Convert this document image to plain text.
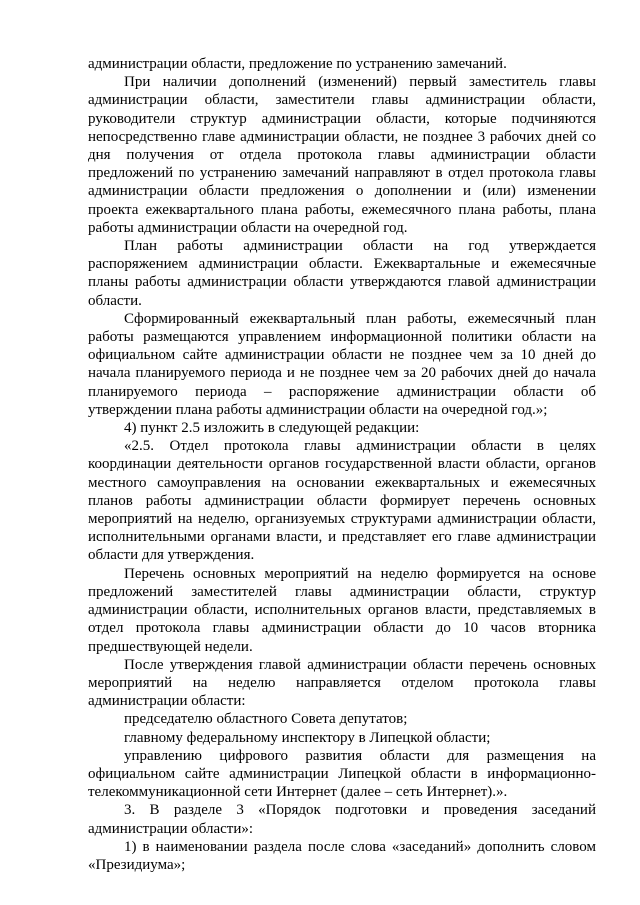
администрации области, предложение по устранению замечаний.

При наличии дополнений (изменений) первый заместитель главы администрации области, заместители главы администрации области, руководители структур администрации области, которые подчиняются непосредственно главе администрации области, не позднее 3 рабочих дней со дня получения от отдела протокола главы администрации области предложений по устранению замечаний направляют в отдел протокола главы администрации области предложения о дополнении и (или) изменении проекта ежеквартального плана работы, ежемесячного плана работы, плана работы администрации области на очередной год.

План работы администрации области на год утверждается распоряжением администрации области. Ежеквартальные и ежемесячные планы работы администрации области утверждаются главой администрации области.

Сформированный ежеквартальный план работы, ежемесячный план работы размещаются управлением информационной политики области на официальном сайте администрации области не позднее чем за 10 дней до начала планируемого периода и не позднее чем за 20 рабочих дней до начала планируемого периода – распоряжение администрации области об утверждении плана работы администрации области на очередной год.»;

4) пункт 2.5 изложить в следующей редакции:

«2.5. Отдел протокола главы администрации области в целях координации деятельности органов государственной власти области, органов местного самоуправления на основании ежеквартальных и ежемесячных планов работы администрации области формирует перечень основных мероприятий на неделю, организуемых структурами администрации области, исполнительными органами власти, и представляет его главе администрации области для утверждения.

Перечень основных мероприятий на неделю формируется на основе предложений заместителей главы администрации области, структур администрации области, исполнительных органов власти, представляемых в отдел протокола главы администрации области до 10 часов вторника предшествующей недели.

После утверждения главой администрации области перечень основных мероприятий на неделю направляется отделом протокола главы администрации области:

председателю областного Совета депутатов;

главному федеральному инспектору в Липецкой области;

управлению цифрового развития области для размещения на официальном сайте администрации Липецкой области в информационно-телекоммуникационной сети Интернет (далее – сеть Интернет).».

3. В разделе 3 «Порядок подготовки и проведения заседаний администрации области»:

1) в наименовании раздела после слова «заседаний» дополнить словом «Президиума»;
